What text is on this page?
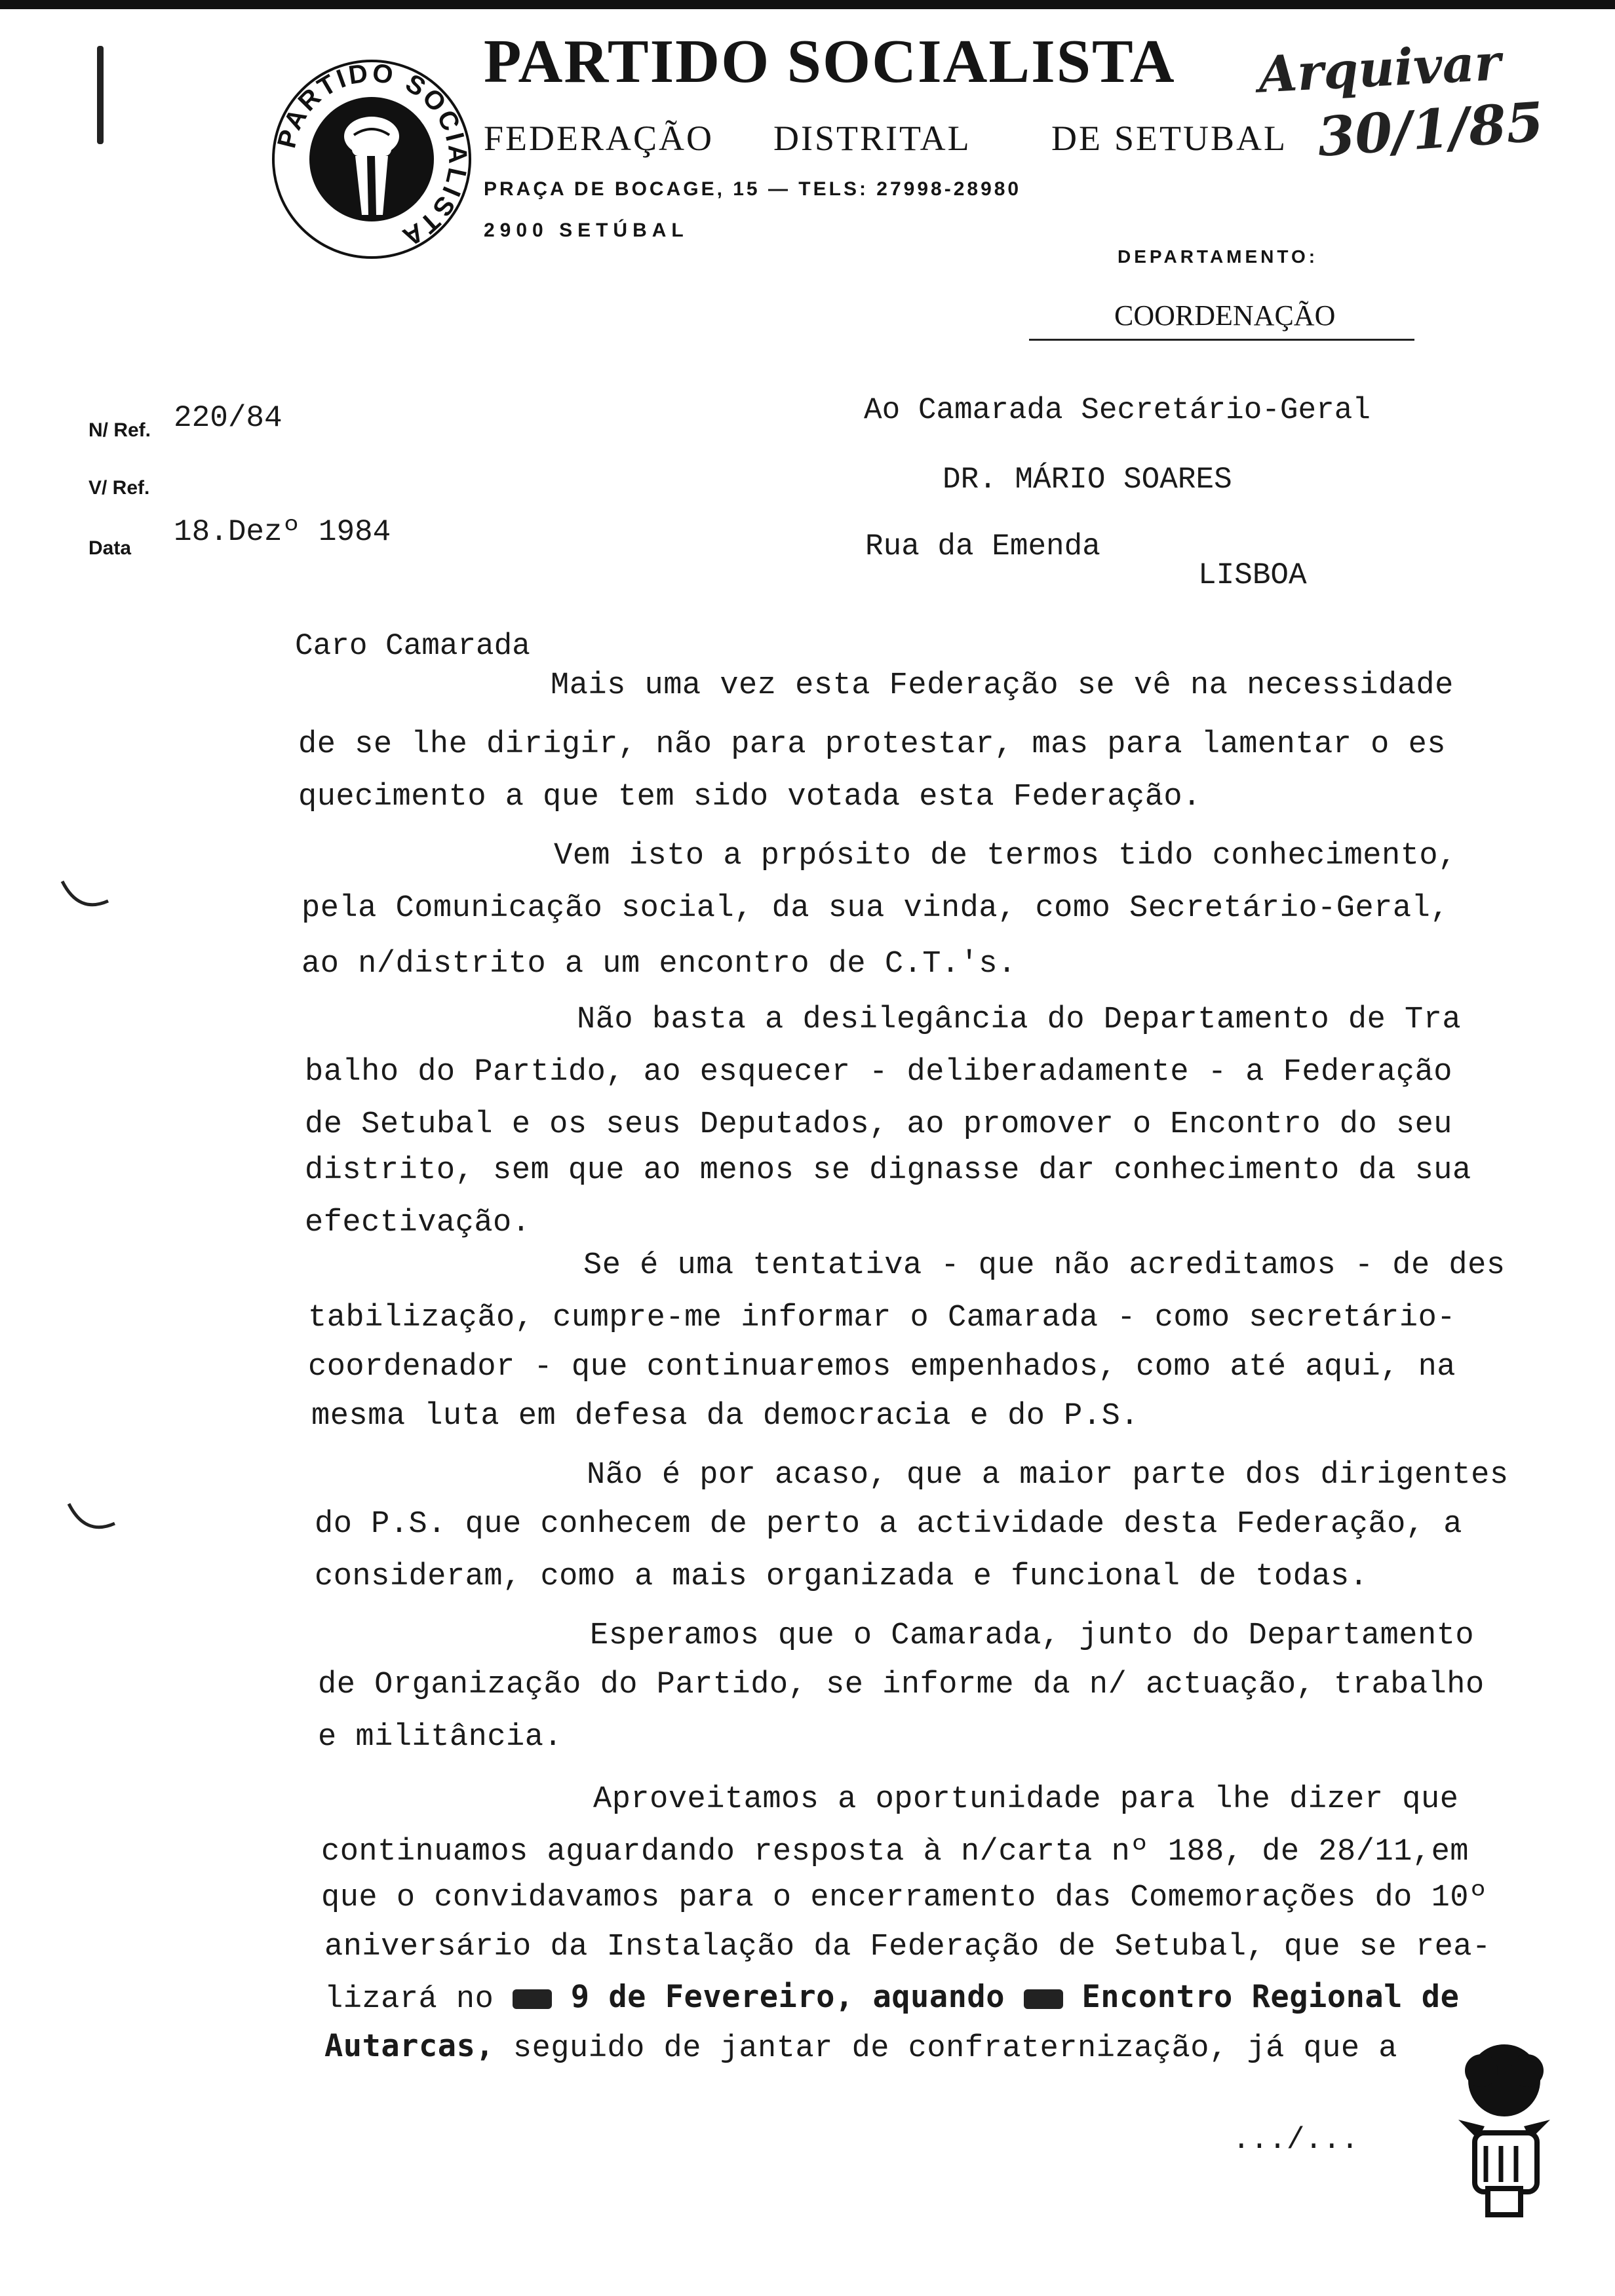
PARTIDO SOCIALISTA
PARTIDO SOCIALISTA
FEDERAÇÃO DISTRITAL DE SETUBAL
PRAÇA DE BOCAGE, 15 — TELS: 27998-28980
2900 SETÚBAL
DEPARTAMENTO:
COORDENAÇÃO
Arquivar
30/1/85
N/ Ref. 220/84
V/ Ref.
Data 18.Dezº 1984
Ao Camarada Secretário-Geral
DR. MÁRIO SOARES
Rua da Emenda
LISBOA
Caro Camarada
Mais uma vez esta Federação se vê na necessidade
de se lhe dirigir, não para protestar, mas para lamentar o es
quecimento a que tem sido votada esta Federação.
Vem isto a prpósito de termos tido conhecimento,
pela Comunicação social, da sua vinda, como Secretário-Geral,
ao n/distrito a um encontro de C.T.'s.
Não basta a desilegância do Departamento de Tra
balho do Partido, ao esquecer - deliberadamente - a Federação
de Setubal e os seus Deputados, ao promover o Encontro do seu
distrito, sem que ao menos se dignasse dar conhecimento da sua
efectivação.
Se é uma tentativa - que não acreditamos - de des
tabilização, cumpre-me informar o Camarada - como secretário-
coordenador - que continuaremos empenhados, como até aqui, na
mesma luta em defesa da democracia e do P.S.
Não é por acaso, que a maior parte dos dirigentes
do P.S. que conhecem de perto a actividade desta Federação, a
consideram, como a mais organizada e funcional de todas.
Esperamos que o Camarada, junto do Departamento
de Organização do Partido, se informe da n/ actuação, trabalho
e militância.
Aproveitamos a oportunidade para lhe dizer que
continuamos aguardando resposta à n/carta nº 188, de 28/11,em
que o convidavamos para o encerramento das Comemorações do 10º
aniversário da Instalação da Federação de Setubal, que se rea-
lizará no 9 de Fevereiro, aquando Encontro Regional de
Autarcas, seguido de jantar de confraternização, já que a
.../...
